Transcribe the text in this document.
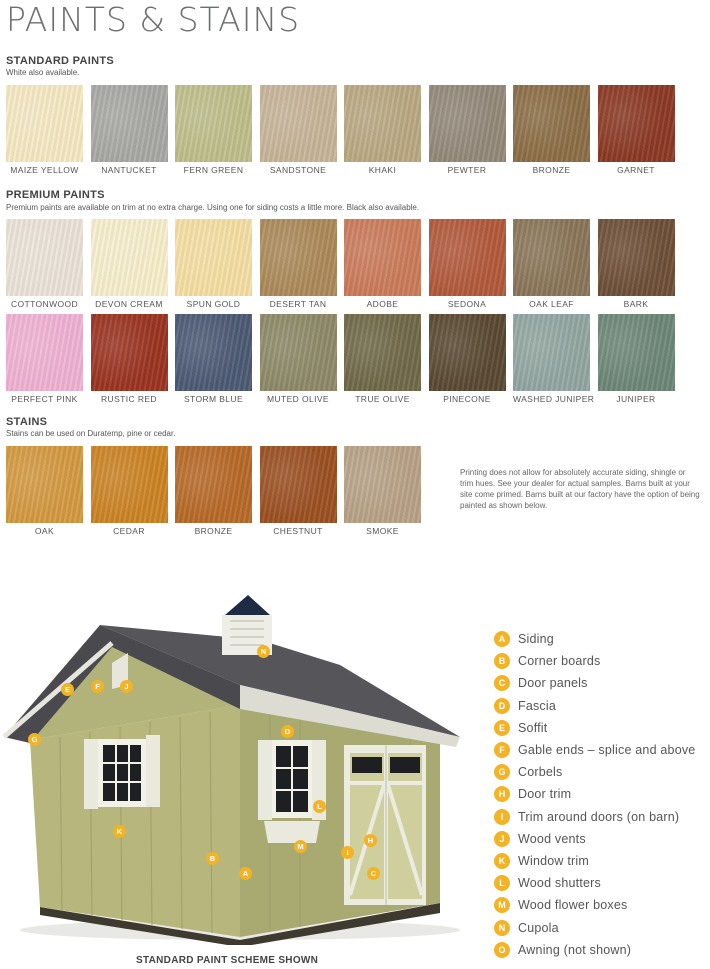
PAINTS & STAINS
STANDARD PAINTS
White also available.
MAIZE YELLOW	NANTUCKET	FERN GREEN	SANDSTONE	KHAKI	PEWTER	BRONZE	GARNET
PREMIUM PAINTS
Premium paints are available on trim at no extra charge. Using one for siding costs a little more. Black also available.
COTTONWOOD	DEVON CREAM	SPUN GOLD	DESERT TAN	ADOBE	SEDONA	OAK LEAF	BARK
PERFECT PINK	RUSTIC RED	STORM BLUE	MUTED OLIVE	TRUE OLIVE	PINECONE	WASHED JUNIPER	JUNIPER
STAINS
Stains can be used on Duratemp, pine or cedar.
OAK	CEDAR	BRONZE	CHESTNUT	SMOKE
Printing does not allow for absolutely accurate siding, shingle or trim hues. See your dealer for actual samples. Barns built at your site come primed. Barns built at our factory have the option of being painted as shown below.
A
B
C
D
E	F
G
H
I
J
K
L
M
N
STANDARD PAINT SCHEME SHOWN
A	Siding
B	Corner boards
C	Door panels
D	Fascia
E	Soffit
F	Gable ends – splice and above
G	Corbels
H	Door trim
I	Trim around doors (on barn)
J	Wood vents
K	Window trim
L	Wood shutters
M Wood flower boxes
N	Cupola
O	Awning (not shown)
